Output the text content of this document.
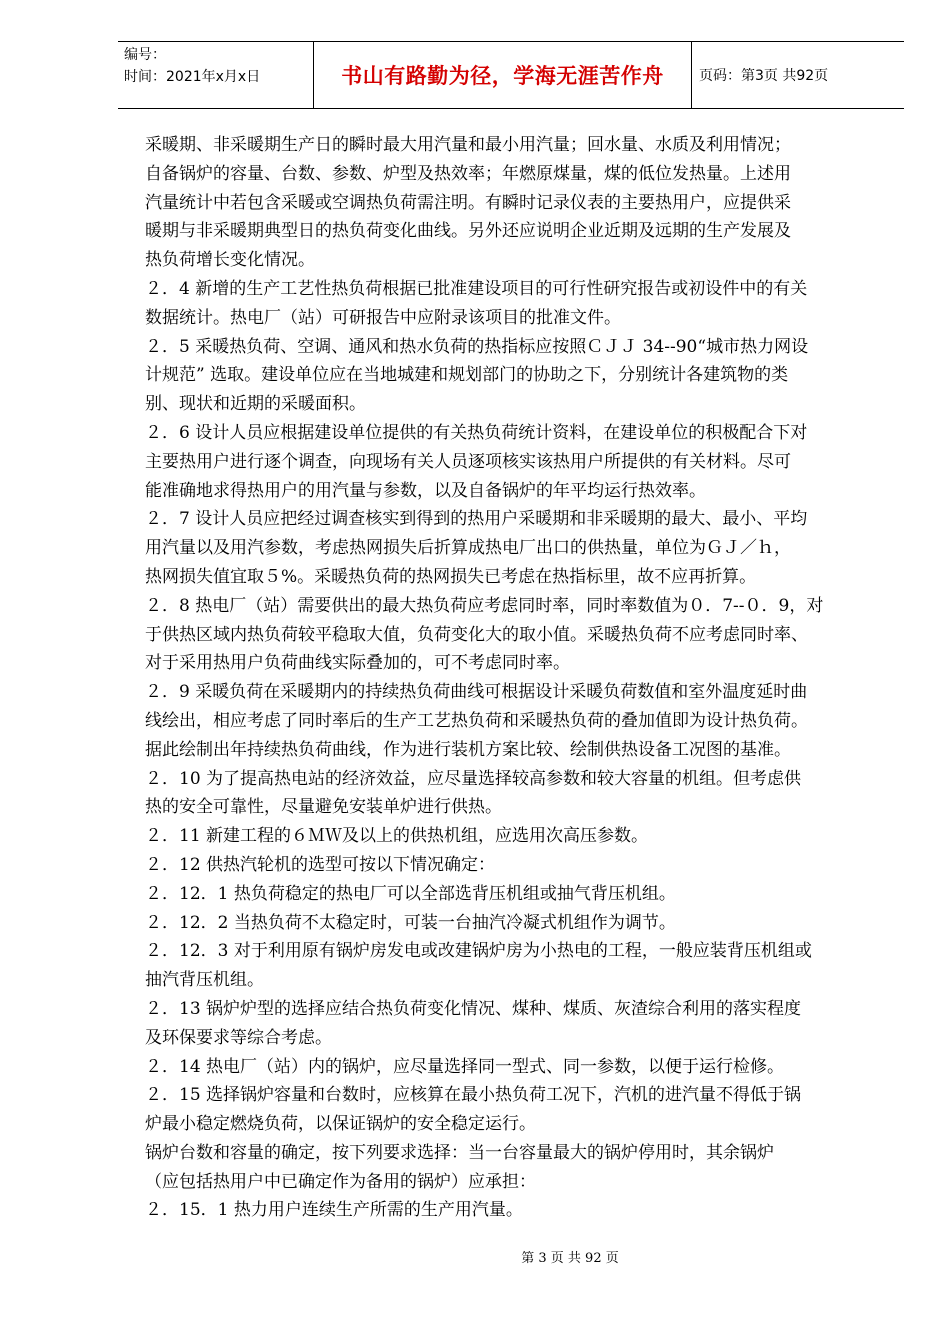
编号：
时间：2021年x月x日	书山有路勤为径，学海无涯苦作舟	页码：第3页 共92页

采暖期、非采暖期生产日的瞬时最大用汽量和最小用汽量；回水量、水质及利用情况；

自备锅炉的容量、台数、参数、炉型及热效率；年燃原煤量，煤的低位发热量。上述用

汽量统计中若包含采暖或空调热负荷需注明。有瞬时记录仪表的主要热用户，应提供采

暖期与非采暖期典型日的热负荷变化曲线。另外还应说明企业近期及远期的生产发展及

热负荷增长变化情况。

２．4 新增的生产工艺性热负荷根据已批准建设项目的可行性研究报告或初设件中的有关

数据统计。热电厂（站）可研报告中应附录该项目的批准文件。

２．5 采暖热负荷、空调、通风和热水负荷的热指标应按照ＣＪＪ 34--90“城市热力网设

计规范” 选取。建设单位应在当地城建和规划部门的协助之下，分别统计各建筑物的类

别、现状和近期的采暖面积。

２．6 设计人员应根据建设单位提供的有关热负荷统计资料，在建设单位的积极配合下对

主要热用户进行逐个调查，向现场有关人员逐项核实该热用户所提供的有关材料。尽可

能准确地求得热用户的用汽量与参数，以及自备锅炉的年平均运行热效率。

２．7 设计人员应把经过调查核实到得到的热用户采暖期和非采暖期的最大、最小、平均

用汽量以及用汽参数，考虑热网损失后折算成热电厂出口的供热量，单位为ＧＪ／ｈ，

热网损失值宜取５%。采暖热负荷的热网损失已考虑在热指标里，故不应再折算。

２．8 热电厂（站）需要供出的最大热负荷应考虑同时率，同时率数值为０．7--０．9，对

于供热区域内热负荷较平稳取大值，负荷变化大的取小值。采暖热负荷不应考虑同时率、

对于采用热用户负荷曲线实际叠加的，可不考虑同时率。

２．9 采暖负荷在采暖期内的持续热负荷曲线可根据设计采暖负荷数值和室外温度延时曲

线绘出，相应考虑了同时率后的生产工艺热负荷和采暖热负荷的叠加值即为设计热负荷。

据此绘制出年持续热负荷曲线，作为进行装机方案比较、绘制供热设备工况图的基准。

２．10 为了提高热电站的经济效益，应尽量选择较高参数和较大容量的机组。但考虑供

热的安全可靠性，尽量避免安装单炉进行供热。

２．11 新建工程的６ＭＷ及以上的供热机组，应选用次高压参数。

２．12 供热汽轮机的选型可按以下情况确定：

２．12．1 热负荷稳定的热电厂可以全部选背压机组或抽气背压机组。

２．12．2 当热负荷不太稳定时，可装一台抽汽冷凝式机组作为调节。

２．12．3 对于利用原有锅炉房发电或改建锅炉房为小热电的工程，一般应装背压机组或

抽汽背压机组。

２．13 锅炉炉型的选择应结合热负荷变化情况、煤种、煤质、灰渣综合利用的落实程度

及环保要求等综合考虑。

２．14 热电厂（站）内的锅炉，应尽量选择同一型式、同一参数，以便于运行检修。

２．15 选择锅炉容量和台数时，应核算在最小热负荷工况下，汽机的进汽量不得低于锅

炉最小稳定燃烧负荷，以保证锅炉的安全稳定运行。

锅炉台数和容量的确定，按下列要求选择：当一台容量最大的锅炉停用时，其余锅炉

（应包括热用户中已确定作为备用的锅炉）应承担：

２．15．1 热力用户连续生产所需的生产用汽量。

第 3 页 共 92 页
